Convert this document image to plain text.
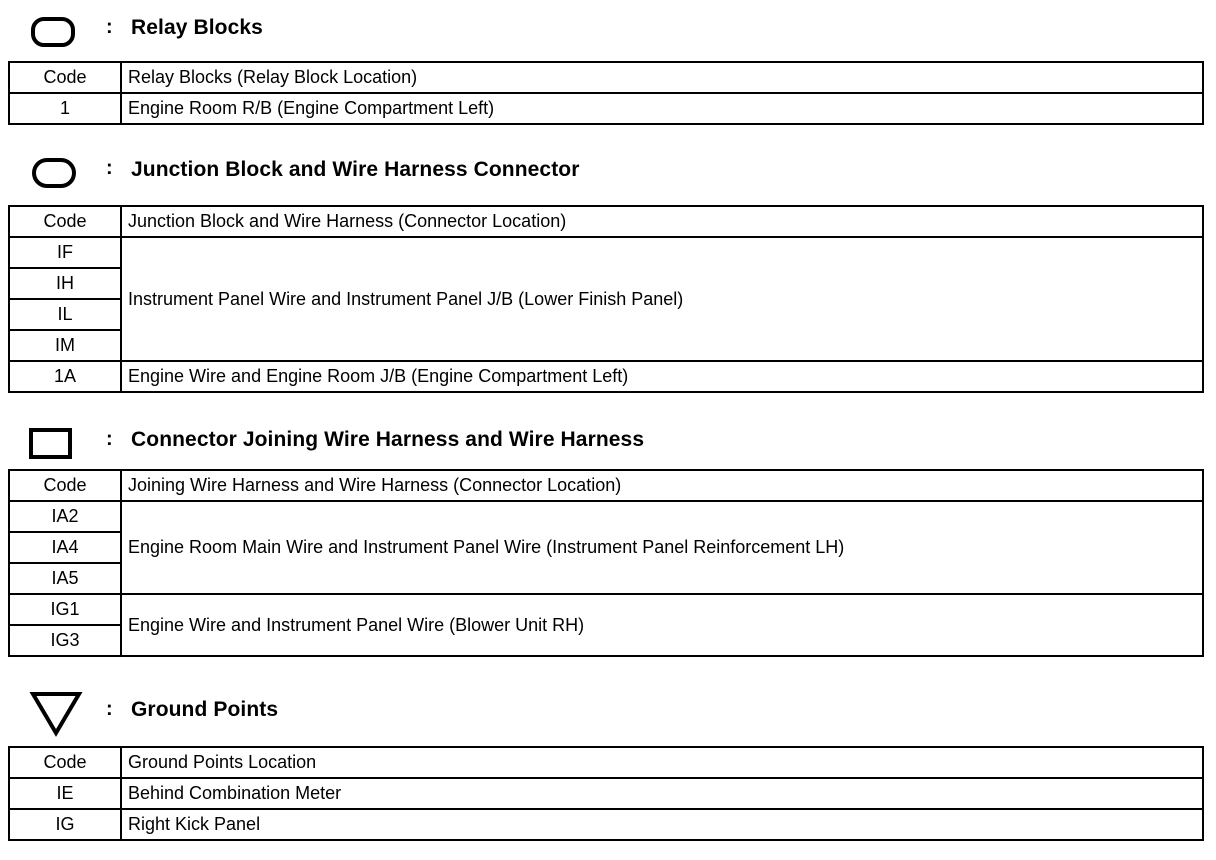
: Relay Blocks
Code	Relay Blocks (Relay Block Location)
1	Engine Room R/B (Engine Compartment Left)
: Junction Block and Wire Harness Connector
Code	Junction Block and Wire Harness (Connector Location)
IF	Instrument Panel Wire and Instrument Panel J/B (Lower Finish Panel)
IH	
IL	
IM	
1A	Engine Wire and Engine Room J/B (Engine Compartment Left)
: Connector Joining Wire Harness and Wire Harness
Code	Joining Wire Harness and Wire Harness (Connector Location)
IA2	Engine Room Main Wire and Instrument Panel Wire (Instrument Panel Reinforcement LH)
IA4	
IA5	
IG1	Engine Wire and Instrument Panel Wire (Blower Unit RH)
IG3	
: Ground Points
Code	Ground Points Location
IE	Behind Combination Meter
IG	Right Kick Panel
